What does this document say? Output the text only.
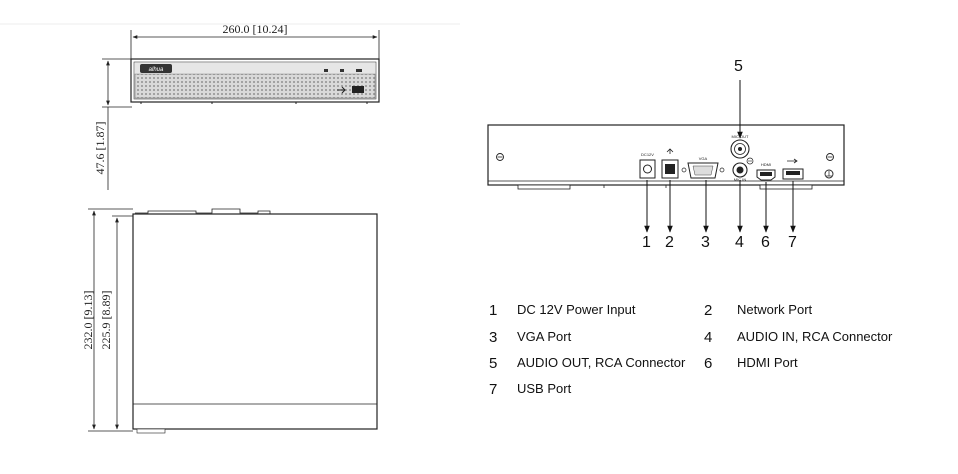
alhua
260.0 [10.24]
47.6 [1.87]
232.0 [9.13] 225.9 [8.89]
DC12V
VGA
MIC OUT
MIC IN
HDMI
5
1 2 3 4 6 7
1 DC 12V Power Input	2 Network Port
3 VGA Port	4 AUDIO IN, RCA Connector
5 AUDIO OUT, RCA Connector 6 HDMI Port
7 USB Port
